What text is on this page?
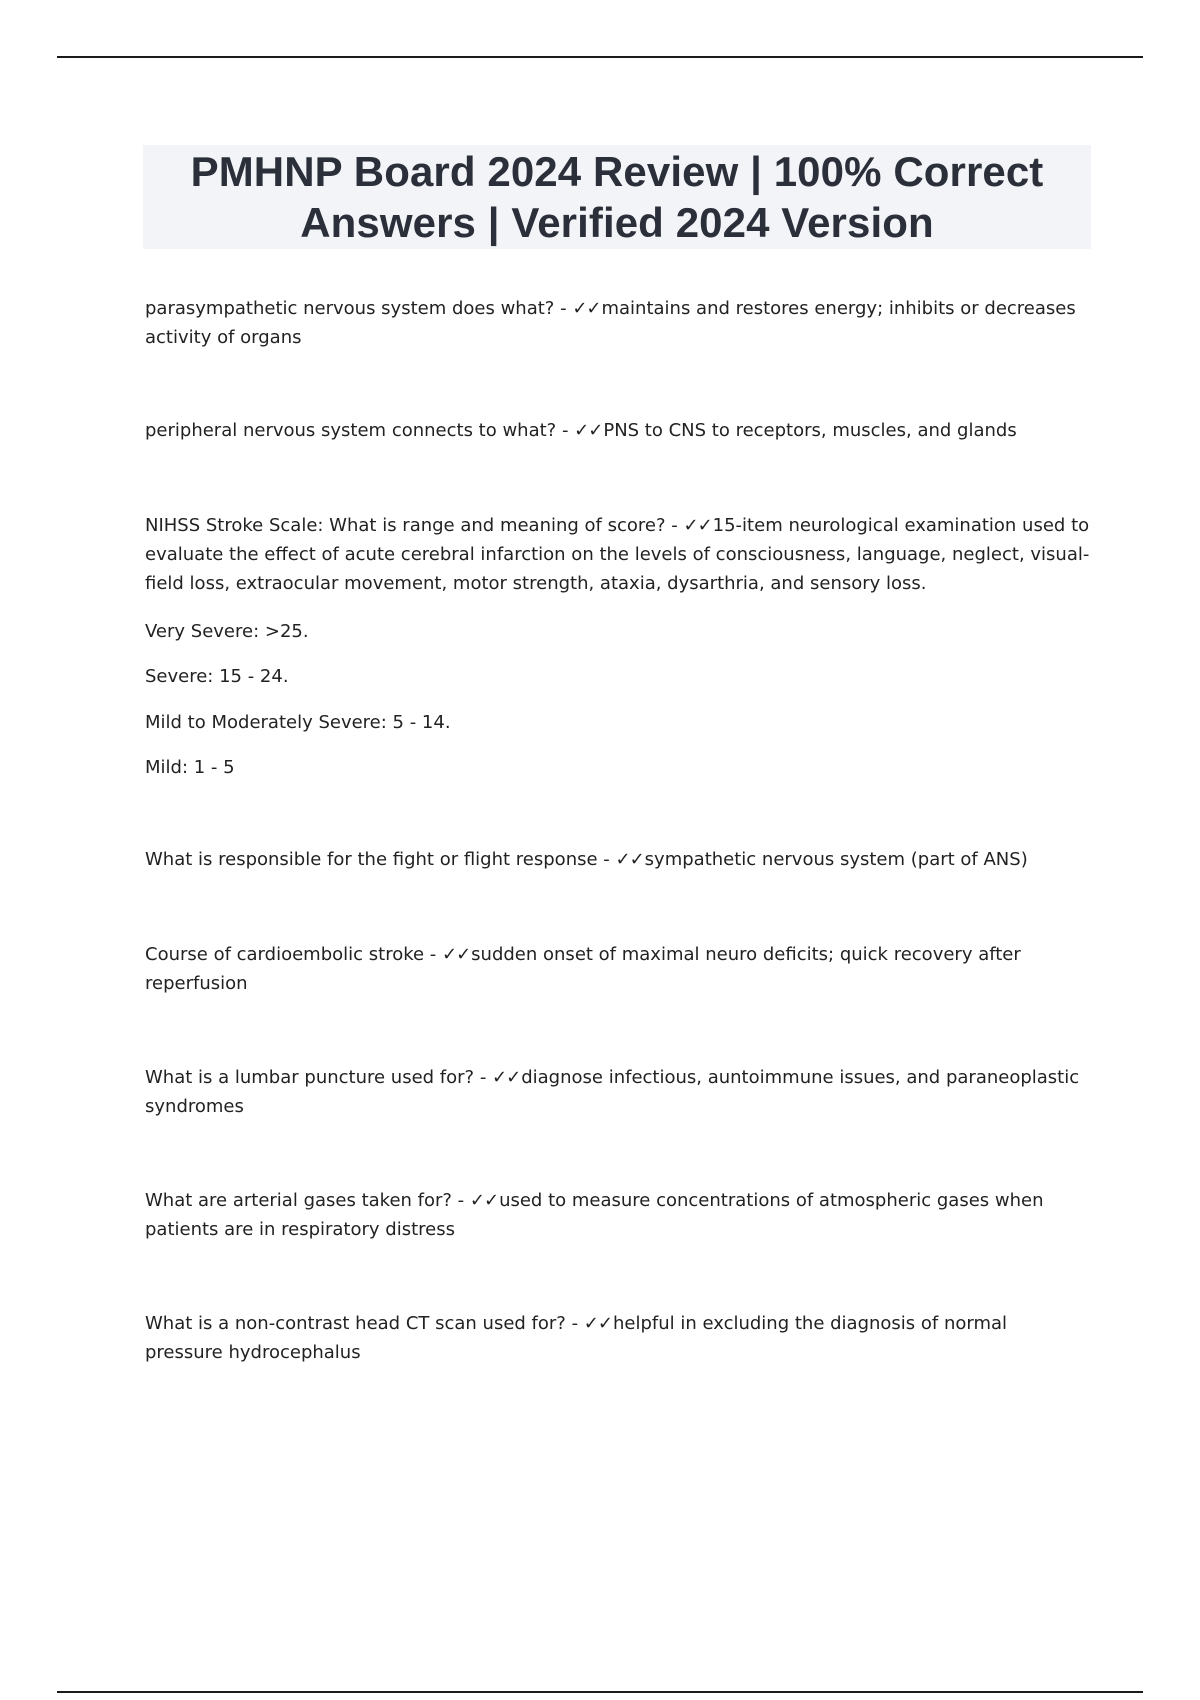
PMHNP Board 2024 Review | 100% Correct Answers | Verified 2024 Version

parasympathetic nervous system does what? - ✓✓maintains and restores energy; inhibits or decreases activity of organs

peripheral nervous system connects to what? - ✓✓PNS to CNS to receptors, muscles, and glands

NIHSS Stroke Scale: What is range and meaning of score? - ✓✓15-item neurological examination used to evaluate the effect of acute cerebral infarction on the levels of consciousness, language, neglect, visual-field loss, extraocular movement, motor strength, ataxia, dysarthria, and sensory loss.

Very Severe: >25.

Severe: 15 - 24.

Mild to Moderately Severe: 5 - 14.

Mild: 1 - 5

What is responsible for the fight or flight response - ✓✓sympathetic nervous system (part of ANS)

Course of cardioembolic stroke - ✓✓sudden onset of maximal neuro deficits; quick recovery after reperfusion

What is a lumbar puncture used for? - ✓✓diagnose infectious, auntoimmune issues, and paraneoplastic syndromes

What are arterial gases taken for? - ✓✓used to measure concentrations of atmospheric gases when patients are in respiratory distress

What is a non-contrast head CT scan used for? - ✓✓helpful in excluding the diagnosis of normal pressure hydrocephalus
